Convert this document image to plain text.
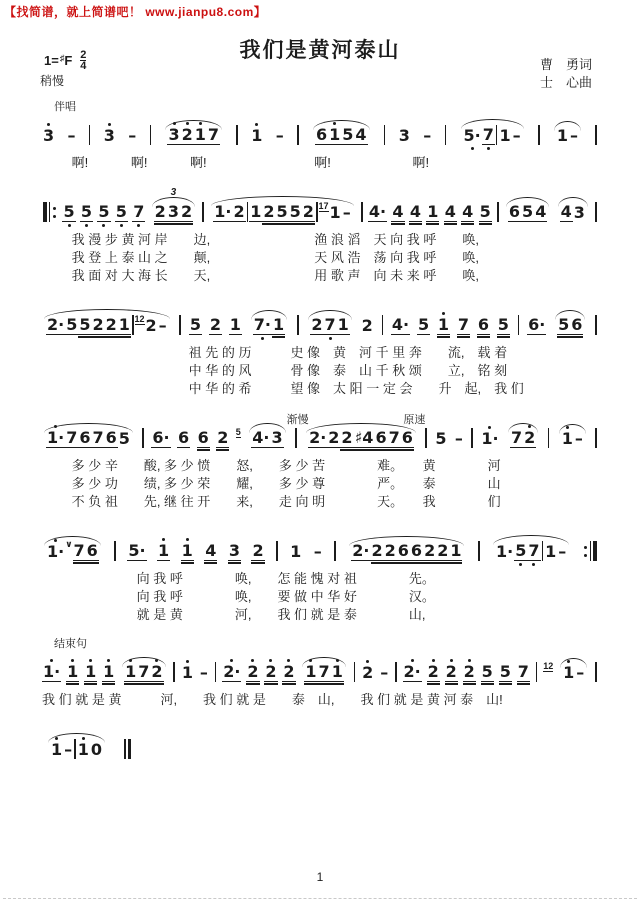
【找简谱，就上简谱吧！ www.jianpu8.com】
我们是黄河泰山
1=♯ F $\frac{2}{4}$
稍慢
曹　勇词
士　心曲
伴唱
3 – 3 – 3 2 1 7 1 – 6 1 5 4 3 – 5· 7 1 – 1 –
　　 啊!　　　 啊!　　　 啊!　　　　　　　　 啊!　　　　　　 啊!
5 5 5 5 7 2 3 2
3 1· 2 1 2 5 5 2 17 1 – 4· 4 4 1 4 4 5 6 5 4 4 3
　　 我 漫 步 黄 河 岸　　边,　　　　　　　　渔 浪 滔　天 向 我 呼　　唤,
　　 我 登 上 泰 山 之　　颠,　　　　　　　　天 风 浩　荡 向 我 呼　　唤,
　　 我 面 对 大 海 长　　天,　　　　　　　　用 歌 声　向 未 来 呼　　唤,
2· 5 5 2 2 1 12 2 – 5 2 1 7· 1 2 7 1 2 4· 5 1 7 6 5 6· 5 6
　　　　　　　　　　　 祖 先 的 历　　　史 像　黄　河 千 里 奔　　流,　载 着
　　　　　　　　　　　 中 华 的 风　　　骨 像　泰　山 千 秋 颂　　立,　铭 刻
　　　　　　　　　　　 中 华 的 希　　　望 像　太 阳 一 定 会　　升　起,　我 们
渐慢	原速
1· 7 6 7 6 5 6· 6 6 2 5 4· 3 2· 2 2 ♯4 6 7 6 5 – 1· 7 2 1 –
　　 多 少 辛　　酸, 多 少 愤　　怒,　　多 少 苦　　　　难。　　黄　　　　河
　　 多 少 功　　绩, 多 少 荣　　耀,　　多 少 尊　　　　严。　　泰　　　　山
　　 不 负 祖　　先, 继 往 开　　来,　　走 向 明　　　　天。　　我　　　　们
1· ∨ 7 6 5· 1 1 4 3 2 1 – 2· 2 2 6 6 2 2 1 1· 5 7 1 –
　　　　　　　 向 我 呼　　　　唤,　　怎 能 愧 对 祖　　　　先。
　　　　　　　 向 我 呼　　　　唤,　　要 做 中 华 好　　　　汉。
　　　　　　　 就 是 黄　　　　河,　　我 们 就 是 泰　　　　山,
结束句
1· 1 1 1 1 7 2 1 – 2· 2 2 2 1 7 1 2 – 2· 2 2 2 5 5 7 12 1 –
我 们 就 是 黄　　　河,　　我 们 就 是　　泰　山,　　我 们 就 是 黄 河 泰　山!
1 – 1 0
1
